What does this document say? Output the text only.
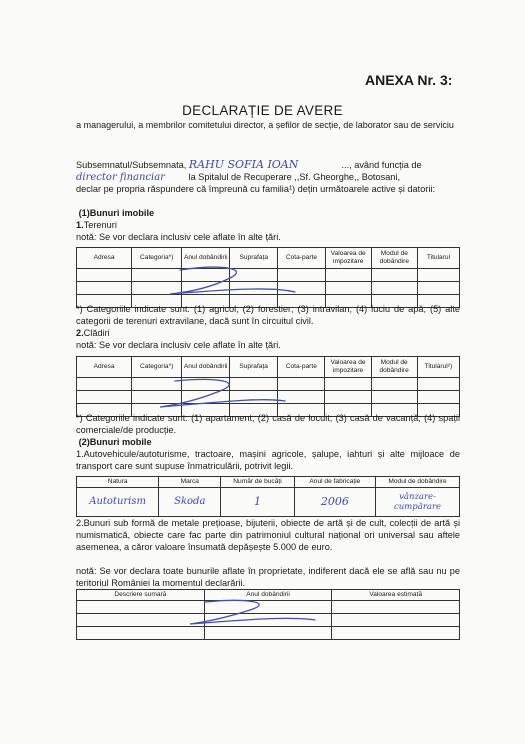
ANEXA Nr. 3:
DECLARAȚIE DE AVERE
a managerului, a membrilor comitetului director, a șefilor de secție, de laborator sau de serviciu
Subsemnatul/Subsemnata, RAHU SOFIA IOAN	..., având funcția de
director financiar	la Spitalul de Recuperare ,,Sf. Gheorghe,, Botosani,
declar pe propria răspundere că împreună cu familia¹) dețin următoarele active și datorii:
(1)Bunuri imobile
1.Terenuri
notă: Se vor declara inclusiv cele aflate în alte țări.
Adresa	Categoria*)	Anul dobândirii	Suprafața	Cota-parte	Valoarea de impozitare	Modul de dobândire	Titularul

*) Categoriile indicate sunt: (1) agricol; (2) forestier; (3) intravilan; (4) luciu de apă; (5) alte categorii de terenuri extravilane, dacă sunt în circuitul civil.
2.Clădiri
notă: Se vor declara inclusiv cele aflate în alte țări.
Adresa	Categoria*)	Anul dobândirii	Suprafața	Cota-parte	Valoarea de impozitare	Modul de dobândire	Titularul²)

*) Categoriile indicate sunt: (1) apartament; (2) casă de locuit; (3) casă de vacanță; (4) spații comerciale/de producție.
(2)Bunuri mobile
1.Autovehicule/autoturisme, tractoare, mașini agricole, șalupe, iahturi și alte mijloace de transport care sunt supuse înmatriculării, potrivit legii.
Natura	Marca	Număr de bucăți	Anul de fabricație	Modul de dobândire
Autoturism	Skoda	1	2006	vânzare-cumpărare
2.Bunuri sub formă de metale prețioase, bijuterii, obiecte de artă și de cult, colecții de artă și numismatică, obiecte care fac parte din patrimoniul cultural național ori universal sau aftele asemenea, a căror valoare însumată depășește 5.000 de euro.
notă: Se vor declara toate bunurile aflate în proprietate, indiferent dacă ele se află sau nu pe teritoriul României la momentul declarării.
Descriere sumară	Anul dobândirii	Valoarea estimată
